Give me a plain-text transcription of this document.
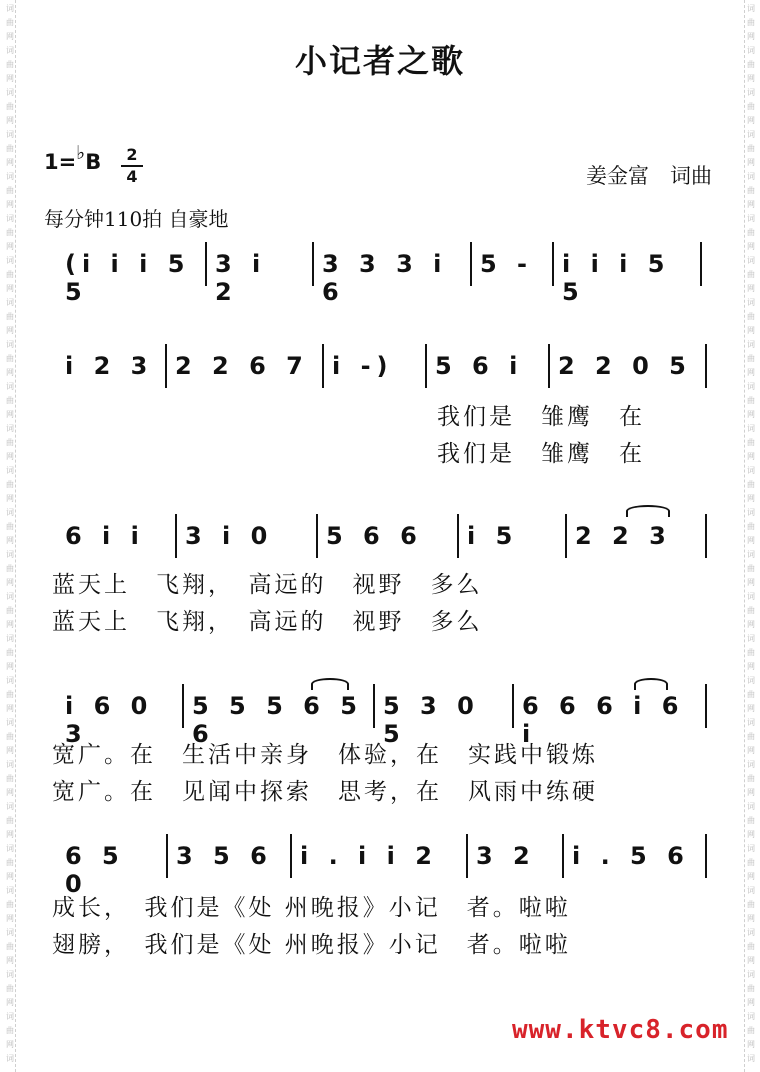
词
曲
网
词
曲
网
词
曲
网
词
曲
网
词
曲
网
词
曲
网
词
曲
网
词
曲
网
词
曲
网
词
曲
网
词
曲
网
词
曲
网
词
曲
网
词
曲
网
词
曲
网
词
曲
网
词
曲
网
词
曲
网
词
曲
网
词
曲
网
词
曲
网
词
曲
网
词
曲
网
词
曲
网
词
曲
网
词
词
曲
网
词
曲
网
词
曲
网
词
曲
网
词
曲
网
词
曲
网
词
曲
网
词
曲
网
词
曲
网
词
曲
网
词
曲
网
词
曲
网
词
曲
网
词
曲
网
词
曲
网
词
曲
网
词
曲
网
词
曲
网
词
曲
网
词
曲
网
词
曲
网
词
曲
网
词
曲
网
词
曲
网
词
曲
网
词
小记者之歌
1=♭B	2
4	姜金富　词曲
每分钟110拍 自豪地
(i i i 5 5
3 i 2
3 3 3 i 6
5 -	i i i 5 5
i 2 3 2 2 6 7 i -)	5 6 i	2 2 0 5
我们是　雏鹰　在
我们是　雏鹰　在
6 i i	3 i 0	5 6 6	i 5	2 2 3
蓝天上　飞翔，　高远的　视野　多么
蓝天上　飞翔，　高远的　视野　多么
i 6 0 3
5 5 5 6 5 6
5 3 0 5
6 6 6 i 6 i
宽广。在　生活中亲身　体验，在　实践中锻炼
宽广。在　见闻中探索　思考，在　风雨中练硬
6 5 0
3 5 6 i . i i 2	3 2	i . 5 6
成长，　我们是《处 州晚报》小记　者。啦啦
翅膀，　我们是《处 州晚报》小记　者。啦啦
www.ktvc8.com
